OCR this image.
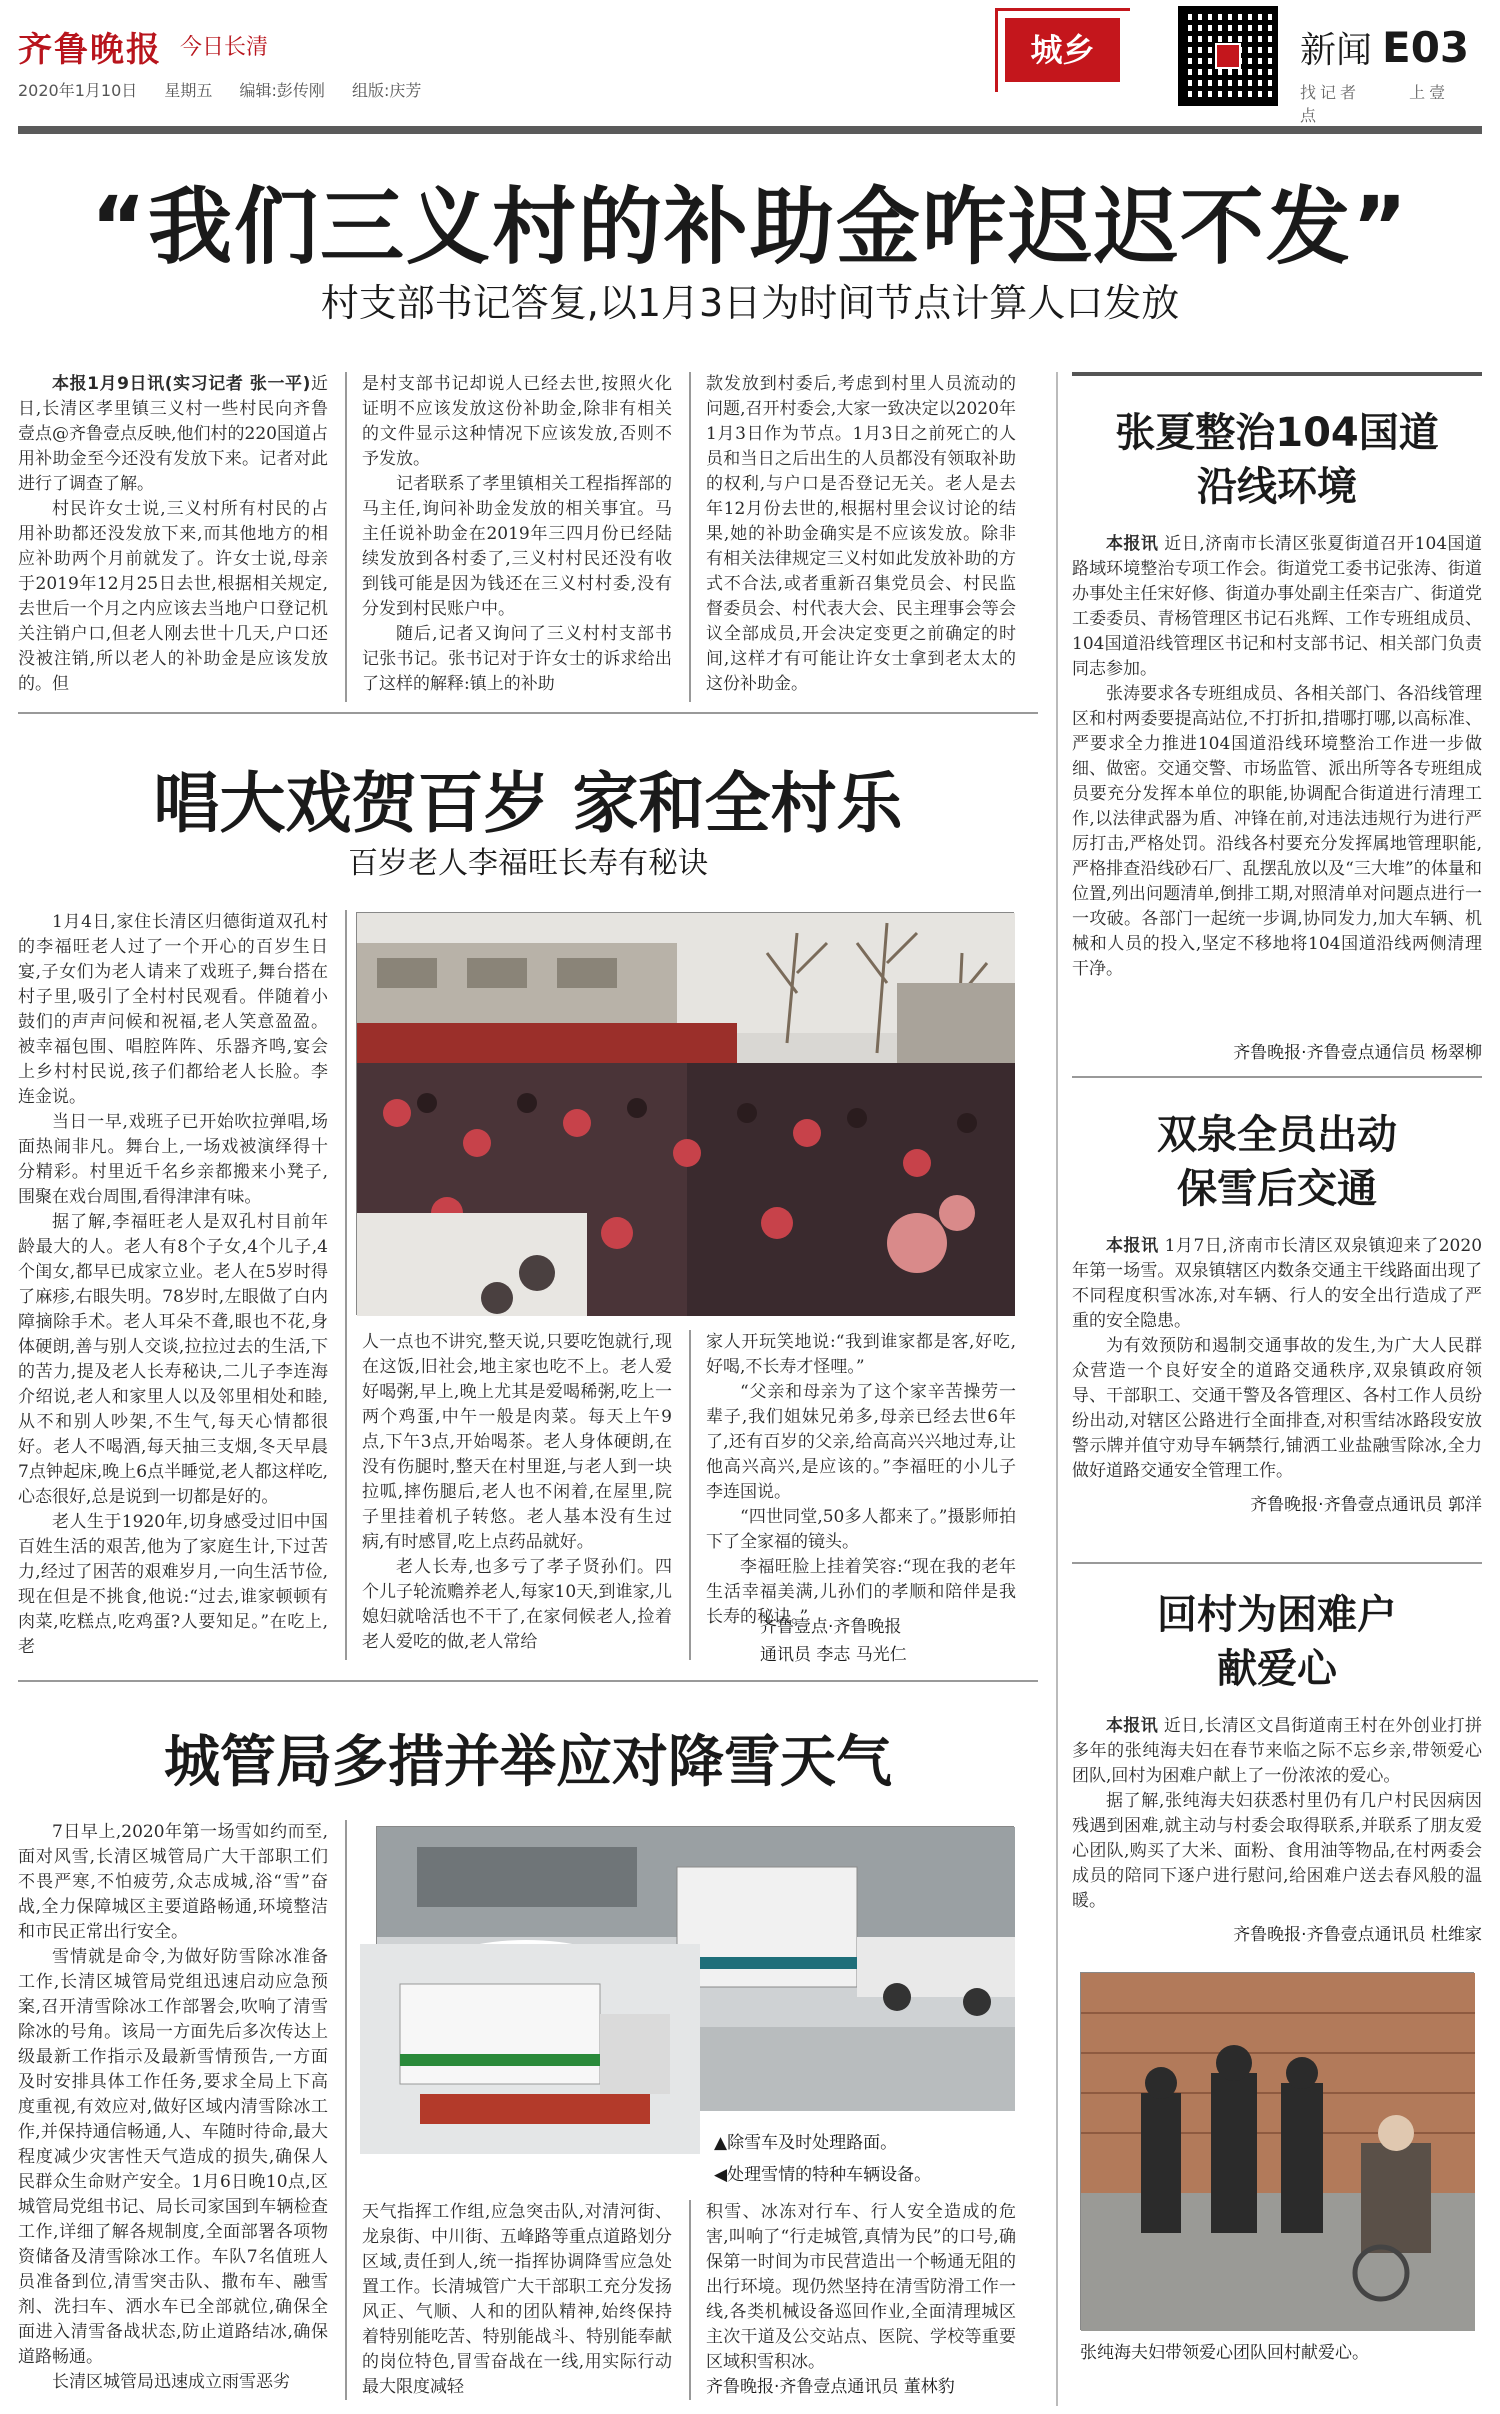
齐鲁晚报 今日长清
2020年1月10日 星期五 编辑:彭传刚 组版:庆芳
城乡	新闻 E03
找记者	上壹点
“我们三义村的补助金咋迟迟不发”
村支部书记答复,以1月3日为时间节点计算人口发放

本报1月9日讯(实习记者 张一平)近日,长清区孝里镇三义村一些村民向齐鲁壹点@齐鲁壹点反映,他们村的220国道占用补助金至今还没有发放下来。记者对此进行了调查了解。

村民许女士说,三义村所有村民的占用补助都还没发放下来,而其他地方的相应补助两个月前就发了。许女士说,母亲于2019年12月25日去世,根据相关规定,去世后一个月之内应该去当地户口登记机关注销户口,但老人刚去世十几天,户口还没被注销,所以老人的补助金是应该发放的。但

是村支部书记却说人已经去世,按照火化证明不应该发放这份补助金,除非有相关的文件显示这种情况下应该发放,否则不予发放。

记者联系了孝里镇相关工程指挥部的马主任,询问补助金发放的相关事宜。马主任说补助金在2019年三四月份已经陆续发放到各村委了,三义村村民还没有收到钱可能是因为钱还在三义村村委,没有分发到村民账户中。

随后,记者又询问了三义村村支部书记张书记。张书记对于许女士的诉求给出了这样的解释:镇上的补助

款发放到村委后,考虑到村里人员流动的问题,召开村委会,大家一致决定以2020年1月3日作为节点。1月3日之前死亡的人员和当日之后出生的人员都没有领取补助的权利,与户口是否登记无关。老人是去年12月份去世的,根据村里会议讨论的结果,她的补助金确实是不应该发放。除非有相关法律规定三义村如此发放补助的方式不合法,或者重新召集党员会、村民监督委员会、村代表大会、民主理事会等会议全部成员,开会决定变更之前确定的时间,这样才有可能让许女士拿到老太太的这份补助金。

唱大戏贺百岁 家和全村乐
百岁老人李福旺长寿有秘诀

1月4日,家住长清区归德街道双孔村的李福旺老人过了一个开心的百岁生日宴,子女们为老人请来了戏班子,舞台搭在村子里,吸引了全村村民观看。伴随着小鼓们的声声问候和祝福,老人笑意盈盈。被幸福包围、唱腔阵阵、乐器齐鸣,宴会上乡村村民说,孩子们都给老人长脸。李连金说。

当日一早,戏班子已开始吹拉弹唱,场面热闹非凡。舞台上,一场戏被演绎得十分精彩。村里近千名乡亲都搬来小凳子,围聚在戏台周围,看得津津有味。

据了解,李福旺老人是双孔村目前年龄最大的人。老人有8个子女,4个儿子,4个闺女,都早已成家立业。老人在5岁时得了麻疹,右眼失明。78岁时,左眼做了白内障摘除手术。老人耳朵不聋,眼也不花,身体硬朗,善与别人交谈,拉拉过去的生活,下的苦力,提及老人长寿秘诀,二儿子李连海介绍说,老人和家里人以及邻里相处和睦,从不和别人吵架,不生气,每天心情都很好。老人不喝酒,每天抽三支烟,冬天早晨7点钟起床,晚上6点半睡觉,老人都这样吃,心态很好,总是说到一切都是好的。

老人生于1920年,切身感受过旧中国百姓生活的艰苦,他为了家庭生计,下过苦力,经过了困苦的艰难岁月,一向生活节俭,现在但是不挑食,他说:“过去,谁家顿顿有肉菜,吃糕点,吃鸡蛋?人要知足。”在吃上,老

人一点也不讲究,整天说,只要吃饱就行,现在这饭,旧社会,地主家也吃不上。老人爱好喝粥,早上,晚上尤其是爱喝稀粥,吃上一两个鸡蛋,中午一般是肉菜。每天上午9点,下午3点,开始喝茶。老人身体硬朗,在没有伤腿时,整天在村里逛,与老人到一块拉呱,摔伤腿后,老人也不闲着,在屋里,院子里挂着机子转悠。老人基本没有生过病,有时感冒,吃上点药品就好。

老人长寿,也多亏了孝子贤孙们。四个儿子轮流赡养老人,每家10天,到谁家,儿媳妇就啥活也不干了,在家伺候老人,捡着老人爱吃的做,老人常给

家人开玩笑地说:“我到谁家都是客,好吃,好喝,不长寿才怪哩。”

“父亲和母亲为了这个家辛苦操劳一辈子,我们姐妹兄弟多,母亲已经去世6年了,还有百岁的父亲,给高高兴兴地过寿,让他高兴高兴,是应该的。”李福旺的小儿子李连国说。

“四世同堂,50多人都来了。”摄影师拍下了全家福的镜头。

李福旺脸上挂着笑容:“现在我的老年生活幸福美满,儿孙们的孝顺和陪伴是我长寿的秘诀。”

齐鲁壹点·齐鲁晚报
通讯员 李志 马光仁
城管局多措并举应对降雪天气

7日早上,2020年第一场雪如约而至,面对风雪,长清区城管局广大干部职工们不畏严寒,不怕疲劳,众志成城,浴“雪”奋战,全力保障城区主要道路畅通,环境整洁和市民正常出行安全。

雪情就是命令,为做好防雪除冰准备工作,长清区城管局党组迅速启动应急预案,召开清雪除冰工作部署会,吹响了清雪除冰的号角。该局一方面先后多次传达上级最新工作指示及最新雪情预告,一方面及时安排具体工作任务,要求全局上下高度重视,有效应对,做好区域内清雪除冰工作,并保持通信畅通,人、车随时待命,最大程度减少灾害性天气造成的损失,确保人民群众生命财产安全。1月6日晚10点,区城管局党组书记、局长司家国到车辆检查工作,详细了解各规制度,全面部署各项物资储备及清雪除冰工作。车队7名值班人员准备到位,清雪突击队、撒布车、融雪剂、洗扫车、洒水车已全部就位,确保全面进入清雪备战状态,防止道路结冰,确保道路畅通。

长清区城管局迅速成立雨雪恶劣

▲除雪车及时处理路面。
◀处理雪情的特种车辆设备。

天气指挥工作组,应急突击队,对清河街、龙泉街、中川街、五峰路等重点道路划分区域,责任到人,统一指挥协调降雪应急处置工作。长清城管广大干部职工充分发扬风正、气顺、人和的团队精神,始终保持着特别能吃苦、特别能战斗、特别能奉献的岗位特色,冒雪奋战在一线,用实际行动最大限度减轻

积雪、冰冻对行车、行人安全造成的危害,叫响了“行走城管,真情为民”的口号,确保第一时间为市民营造出一个畅通无阻的出行环境。现仍然坚持在清雪防滑工作一线,各类机械设备巡回作业,全面清理城区主次干道及公交站点、医院、学校等重要区域积雪积冰。

齐鲁晚报·齐鲁壹点通讯员 董林豹
张夏整治104国道
沿线环境

本报讯 近日,济南市长清区张夏街道召开104国道路域环境整治专项工作会。街道党工委书记张涛、街道办事处主任宋好修、街道办事处副主任栾吉广、街道党工委委员、青杨管理区书记石兆辉、工作专班组成员、104国道沿线管理区书记和村支部书记、相关部门负责同志参加。

张涛要求各专班组成员、各相关部门、各沿线管理区和村两委要提高站位,不打折扣,措哪打哪,以高标准、严要求全力推进104国道沿线环境整治工作进一步做细、做密。交通交警、市场监管、派出所等各专班组成员要充分发挥本单位的职能,协调配合街道进行清理工作,以法律武器为盾、冲锋在前,对违法违规行为进行严厉打击,严格处罚。沿线各村要充分发挥属地管理职能,严格排查沿线砂石厂、乱摆乱放以及“三大堆”的体量和位置,列出问题清单,倒排工期,对照清单对问题点进行一一攻破。各部门一起统一步调,协同发力,加大车辆、机械和人员的投入,坚定不移地将104国道沿线两侧清理干净。

齐鲁晚报·齐鲁壹点通信员 杨翠柳
双泉全员出动
保雪后交通

本报讯 1月7日,济南市长清区双泉镇迎来了2020年第一场雪。双泉镇辖区内数条交通主干线路面出现了不同程度积雪冰冻,对车辆、行人的安全出行造成了严重的安全隐患。

为有效预防和遏制交通事故的发生,为广大人民群众营造一个良好安全的道路交通秩序,双泉镇政府领导、干部职工、交通干警及各管理区、各村工作人员纷纷出动,对辖区公路进行全面排查,对积雪结冰路段安放警示牌并值守劝导车辆禁行,铺洒工业盐融雪除冰,全力做好道路交通安全管理工作。

齐鲁晚报·齐鲁壹点通讯员 郭洋
回村为困难户
献爱心

本报讯 近日,长清区文昌街道南王村在外创业打拼多年的张纯海夫妇在春节来临之际不忘乡亲,带领爱心团队,回村为困难户献上了一份浓浓的爱心。

据了解,张纯海夫妇获悉村里仍有几户村民因病因残遇到困难,就主动与村委会取得联系,并联系了朋友爱心团队,购买了大米、面粉、食用油等物品,在村两委会成员的陪同下逐户进行慰问,给困难户送去春风般的温暖。

齐鲁晚报·齐鲁壹点通讯员 杜维家
张纯海夫妇带领爱心团队回村献爱心。
